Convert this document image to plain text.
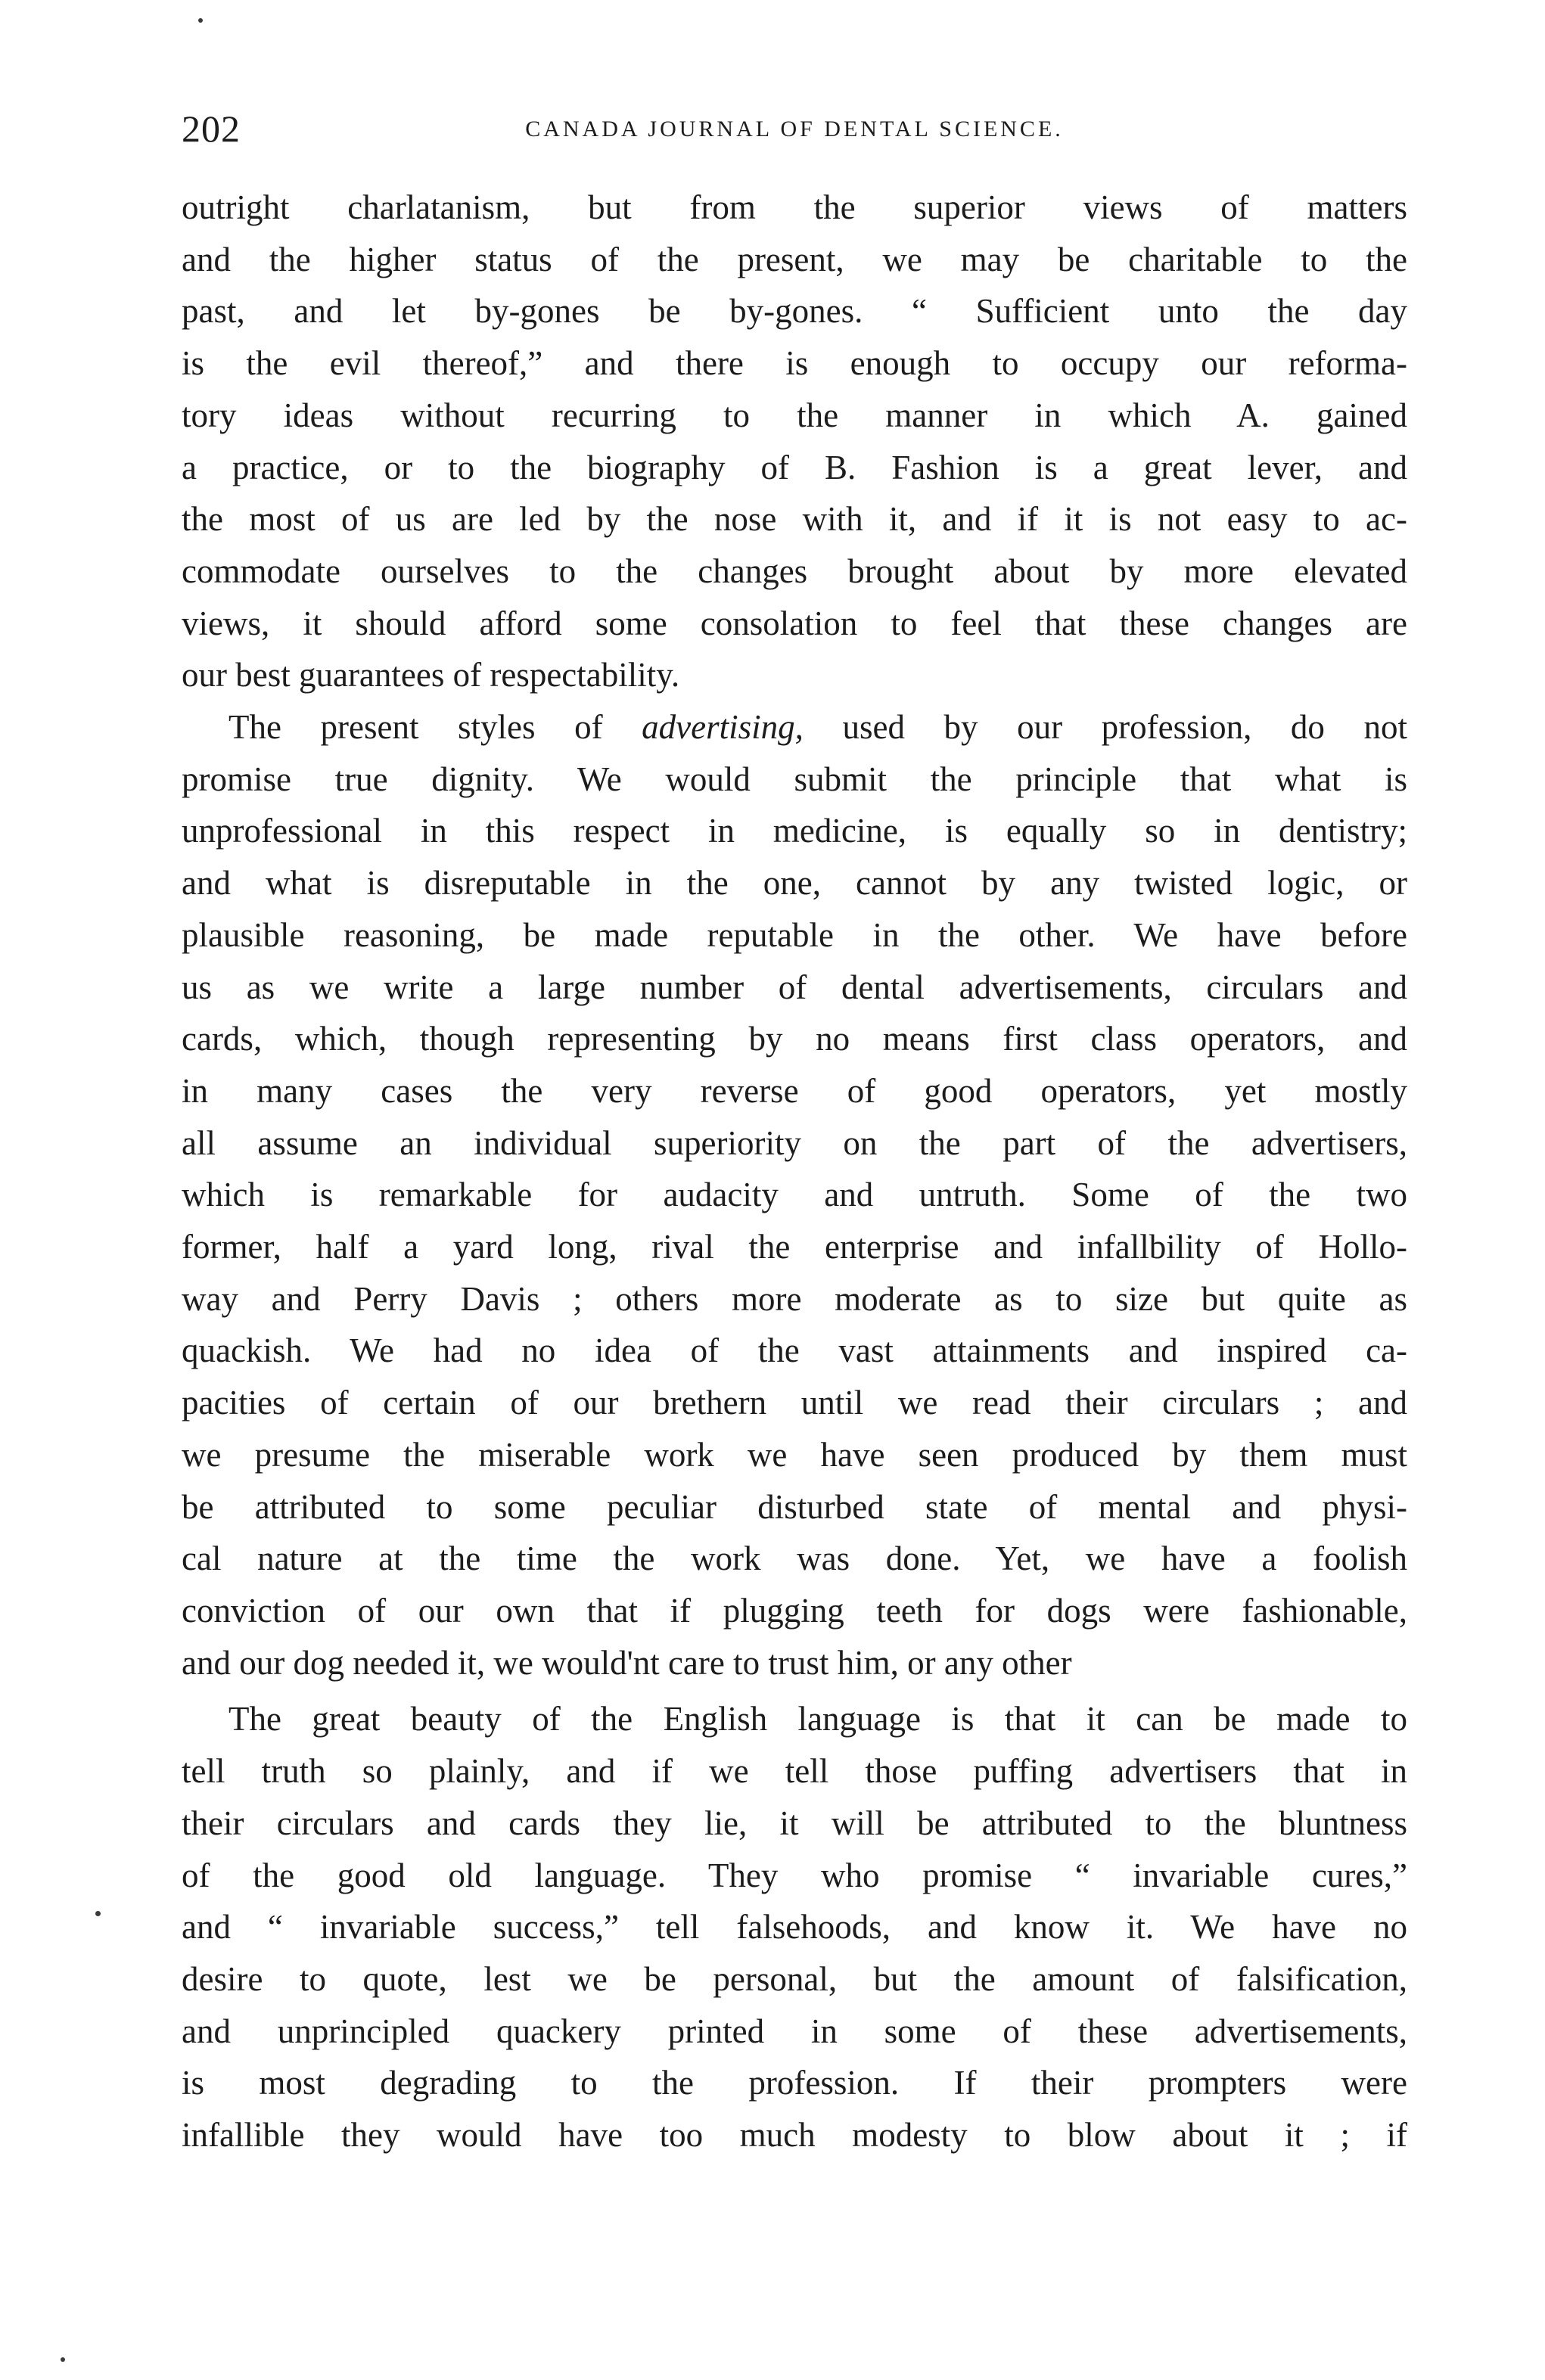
202	CANADA JOURNAL OF DENTAL SCIENCE.

outright charlatanism, but from the superior views of matters
and the higher status of the present, we may be charitable to the
past, and let by-gones be by-gones. “ Sufficient unto the day
is the evil thereof,” and there is enough to occupy our reforma-
tory ideas without recurring to the manner in which A. gained
a practice, or to the biography of B. Fashion is a great lever, and
the most of us are led by the nose with it, and if it is not easy to ac-
commodate ourselves to the changes brought about by more elevated
views, it should afford some consolation to feel that these changes are
our best guarantees of respectability.

The present styles of advertising, used by our profession, do not
promise true dignity. We would submit the principle that what is
unprofessional in this respect in medicine, is equally so in dentistry;
and what is disreputable in the one, cannot by any twisted logic, or
plausible reasoning, be made reputable in the other. We have before
us as we write a large number of dental advertisements, circulars and
cards, which, though representing by no means first class operators, and
in many cases the very reverse of good operators, yet mostly
all assume an individual superiority on the part of the advertisers,
which is remarkable for audacity and untruth. Some of the two
former, half a yard long, rival the enterprise and infallbility of Hollo-
way and Perry Davis ; others more moderate as to size but quite as
quackish. We had no idea of the vast attainments and inspired ca-
pacities of certain of our brethern until we read their circulars ; and
we presume the miserable work we have seen produced by them must
be attributed to some peculiar disturbed state of mental and physi-
cal nature at the time the work was done. Yet, we have a foolish
conviction of our own that if plugging teeth for dogs were fashionable,
and our dog needed it, we would'nt care to trust him, or any other

The great beauty of the English language is that it can be made to
tell truth so plainly, and if we tell those puffing advertisers that in
their circulars and cards they lie, it will be attributed to the bluntness
of the good old language. They who promise “ invariable cures,”
and “ invariable success,” tell falsehoods, and know it. We have no
desire to quote, lest we be personal, but the amount of falsification,
and unprincipled quackery printed in some of these advertisements,
is most degrading to the profession. If their prompters were
infallible they would have too much modesty to blow about it ; if
